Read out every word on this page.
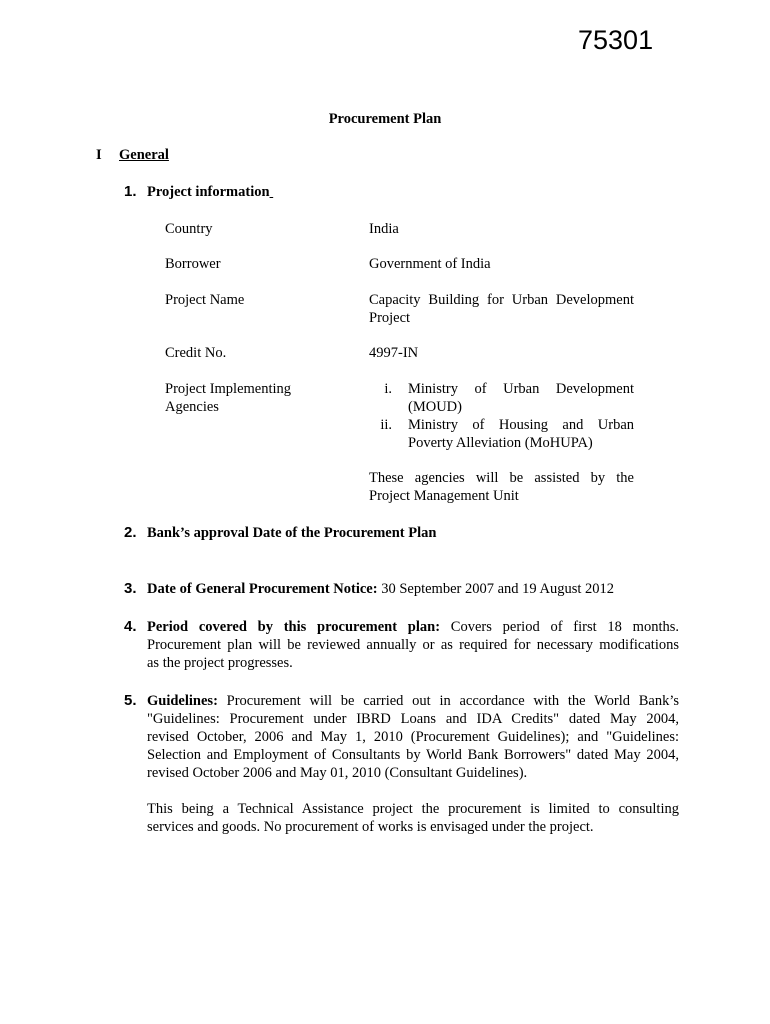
75301
Procurement Plan
I General
1. Project information
Country	India
Borrower	Government of India
Project Name	Capacity Building for Urban Development
Project
Credit No.	4997-IN
Project Implementing
Agencies
i. Ministry of Urban Development
(MOUD)
ii. Ministry of Housing and Urban
Poverty Alleviation (MoHUPA)
These agencies will be assisted by the
Project Management Unit
2. Bank’s approval Date of the Procurement Plan
3. Date of General Procurement Notice: 30 September 2007 and 19 August 2012
4. Period covered by this procurement plan: Covers period of first 18 months.
Procurement plan will be reviewed annually or as required for necessary modifications
as the project progresses.
5. Guidelines: Procurement will be carried out in accordance with the World Bank’s
"Guidelines: Procurement under IBRD Loans and IDA Credits" dated May 2004,
revised October, 2006 and May 1, 2010 (Procurement Guidelines); and "Guidelines:
Selection and Employment of Consultants by World Bank Borrowers" dated May 2004,
revised October 2006 and May 01, 2010 (Consultant Guidelines).
This being a Technical Assistance project the procurement is limited to consulting
services and goods. No procurement of works is envisaged under the project.
